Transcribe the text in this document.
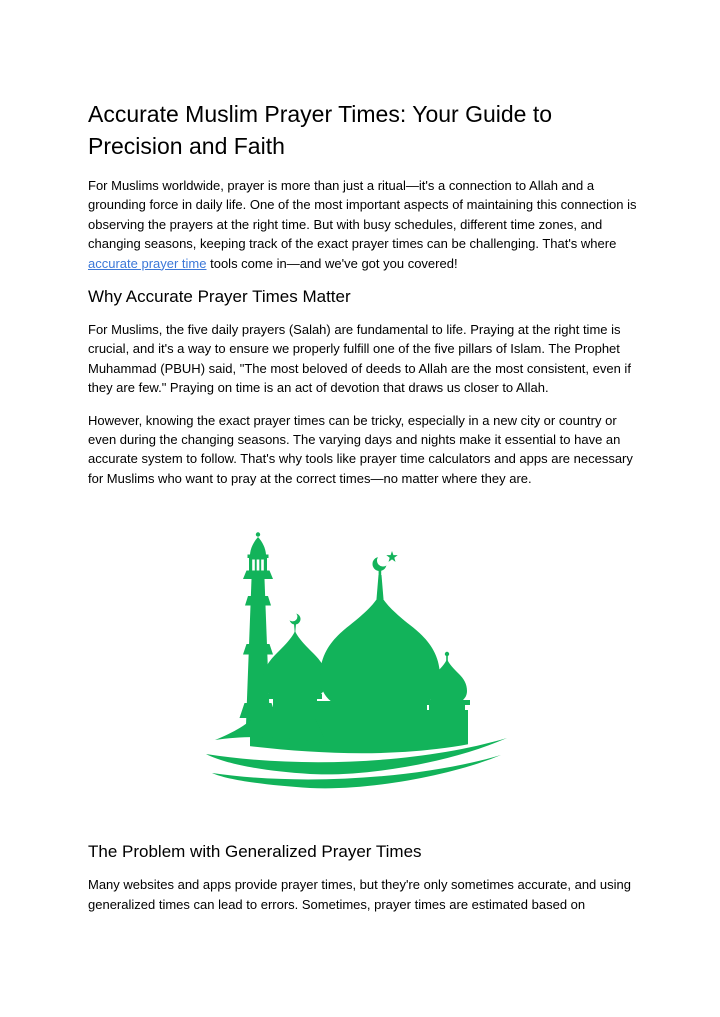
Accurate Muslim Prayer Times: Your Guide to Precision and Faith

For Muslims worldwide, prayer is more than just a ritual—it's a connection to Allah and a grounding force in daily life. One of the most important aspects of maintaining this connection is observing the prayers at the right time. But with busy schedules, different time zones, and changing seasons, keeping track of the exact prayer times can be challenging. That's where accurate prayer time tools come in—and we've got you covered!

Why Accurate Prayer Times Matter

For Muslims, the five daily prayers (Salah) are fundamental to life. Praying at the right time is crucial, and it's a way to ensure we properly fulfill one of the five pillars of Islam. The Prophet Muhammad (PBUH) said, "The most beloved of deeds to Allah are the most consistent, even if they are few." Praying on time is an act of devotion that draws us closer to Allah.

However, knowing the exact prayer times can be tricky, especially in a new city or country or even during the changing seasons. The varying days and nights make it essential to have an accurate system to follow. That's why tools like prayer time calculators and apps are necessary for Muslims who want to pray at the correct times—no matter where they are.

The Problem with Generalized Prayer Times

Many websites and apps provide prayer times, but they're only sometimes accurate, and using generalized times can lead to errors. Sometimes, prayer times are estimated based on
